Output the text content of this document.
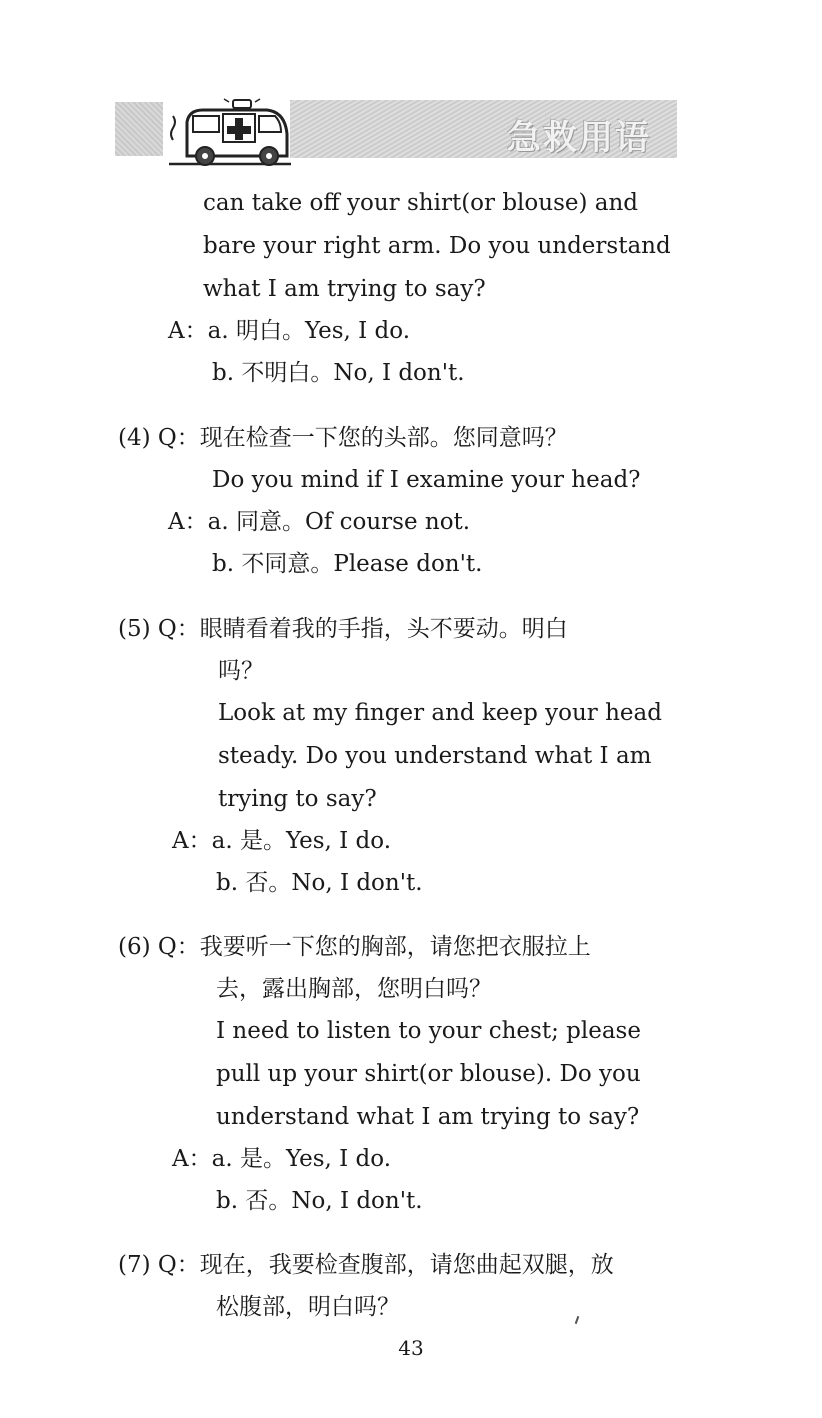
急救用语
can take off your shirt(or blouse) and
bare your right arm. Do you understand
what I am trying to say?
A：a. 明白。Yes, I do.
b. 不明白。No, I don't.
(4) Q：现在检查一下您的头部。您同意吗？
Do you mind if I examine your head?
A：a. 同意。Of course not.
b. 不同意。Please don't.
(5) Q：眼睛看着我的手指，头不要动。明白
吗？
Look at my finger and keep your head
steady. Do you understand what I am
trying to say?
A：a. 是。Yes, I do.
b. 否。No, I don't.
(6) Q：我要听一下您的胸部，请您把衣服拉上
去，露出胸部，您明白吗？
I need to listen to your chest; please
pull up your shirt(or blouse). Do you
understand what I am trying to say?
A：a. 是。Yes, I do.
b. 否。No, I don't.
(7) Q：现在，我要检查腹部，请您曲起双腿，放
松腹部，明白吗？
43
